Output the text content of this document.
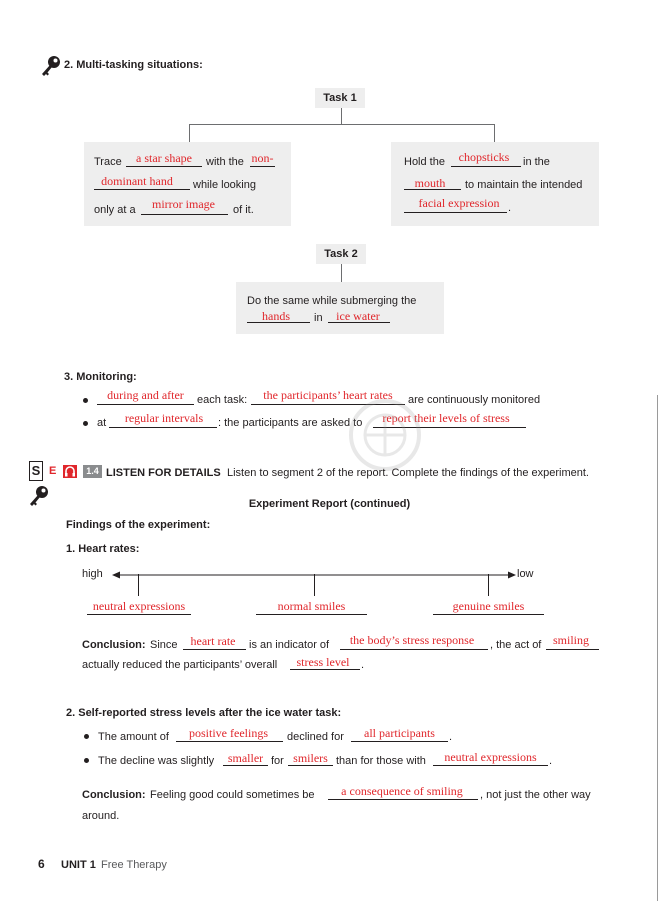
2. Multi-tasking situations:
Task 1
Trace	a star shape	with the non-
dominant hand	while looking
only at a	mirror image	of it.
Hold the	chopsticks	in the
mouth	to maintain the intended
facial expression .
Task 2
Do the same while submerging the
hands	in	ice water
3. Monitoring:
during and after	each task:	the participants’ heart rates	are continuously monitored
at	regular intervals	: the participants are asked to	report their levels of stress
S E	1.4 LISTEN FOR DETAILS Listen to segment 2 of the report. Complete the findings of the experiment.
Experiment Report (continued)
Findings of the experiment:
1. Heart rates:
high	low
neutral expressions	normal smiles	genuine smiles
Conclusion: Since	heart rate	is an indicator of	the body’s stress response	, the act of smiling
actually reduced the participants’ overall	stress level	.
2. Self-reported stress levels after the ice water task:
The amount of	positive feelings	declined for	all participants	.
The decline was slightly	smaller for smilers than for those with	neutral expressions	.
Conclusion: Feeling good could sometimes be	a consequence of smiling	, not just the other way
around.
6 UNIT 1 Free Therapy
